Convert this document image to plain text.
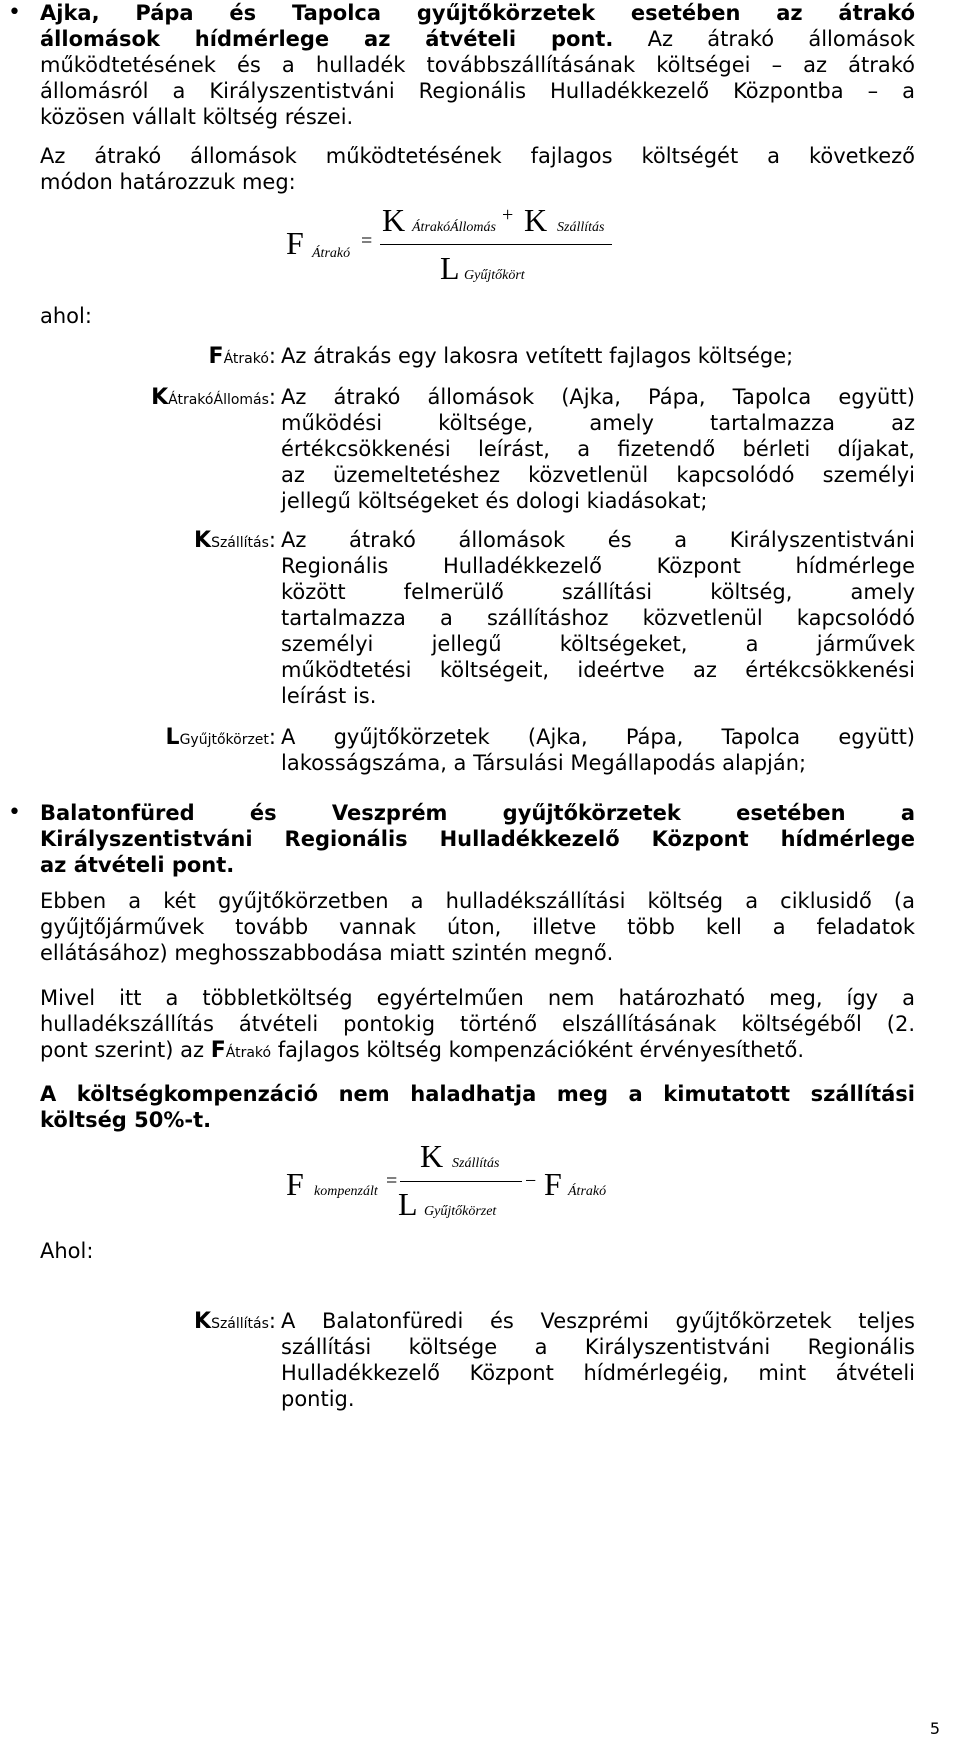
• Ajka, Pápa és Tapolca gyűjtőkörzetek esetében az átrakó
állomások hídmérlege az átvételi pont. Az átrakó állomások
működtetésének és a hulladék továbbszállításának költségei – az átrakó
állomásról a Királyszentistváni Regionális Hulladékkezelő Központba – a
közösen vállalt költség részei.
Az átrakó állomások működtetésének fajlagos költségét a következő
módon határozzuk meg:
F Átrakó
=
K ÁtrakóÁllomás
+ K Szállítás
L Gyűjtőkört
ahol:
FÁtrakó: Az átrakás egy lakosra vetített fajlagos költsége;
KÁtrakóÁllomás: Az átrakó állomások (Ajka, Pápa, Tapolca együtt)
működési költsége, amely tartalmazza az
értékcsökkenési leírást, a fizetendő bérleti díjakat,
az üzemeltetéshez közvetlenül kapcsolódó személyi
jellegű költségeket és dologi kiadásokat;
KSzállítás: Az átrakó állomások és a Királyszentistváni
Regionális Hulladékkezelő Központ hídmérlege
között felmerülő szállítási költség, amely
tartalmazza a szállításhoz közvetlenül kapcsolódó
személyi jellegű költségeket, a járművek
működtetési költségeit, ideértve az értékcsökkenési
leírást is.
LGyűjtőkörzet: A gyűjtőkörzetek (Ajka, Pápa, Tapolca együtt)
lakosságszáma, a Társulási Megállapodás alapján;
• Balatonfüred és Veszprém gyűjtőkörzetek esetében a
Királyszentistváni Regionális Hulladékkezelő Központ hídmérlege
az átvételi pont.
Ebben a két gyűjtőkörzetben a hulladékszállítási költség a ciklusidő (a
gyűjtőjárművek tovább vannak úton, illetve több kell a feladatok
ellátásához) meghosszabbodása miatt szintén megnő.
Mivel itt a többletköltség egyértelműen nem határozható meg, így a
hulladékszállítás átvételi pontokig történő elszállításának költségéből (2.
pont szerint) az FÁtrakó fajlagos költség kompenzációként érvényesíthető.
A költségkompenzáció nem haladhatja meg a kimutatott szállítási
költség 50%-t.
F kompenzált =
K Szállítás
L Gyűjtőkörzet
− F Átrakó
Ahol:
KSzállítás: A Balatonfüredi és Veszprémi gyűjtőkörzetek teljes
szállítási költsége a Királyszentistváni Regionális
Hulladékkezelő Központ hídmérlegéig, mint átvételi
pontig.
5
